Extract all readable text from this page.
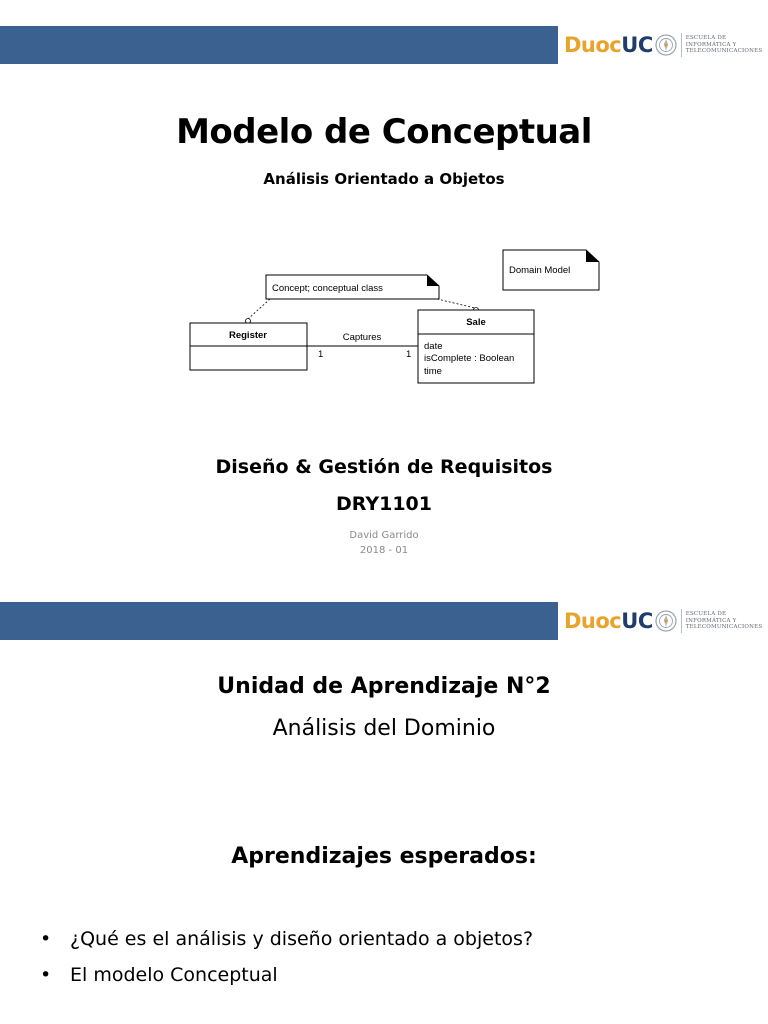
Duoc UC	ESCUELA DE
INFORMÁTICA Y
TELECOMUNICACIONES
Modelo de Conceptual
Análisis Orientado a Objetos
Domain Model
Concept; conceptual class
Register
Sale
date
isComplete : Boolean
time
Captures
1	1
Diseño & Gestión de Requisitos
DRY1101
David Garrido
2018 - 01
Duoc UC	ESCUELA DE
INFORMÁTICA Y
TELECOMUNICACIONES
Unidad de Aprendizaje N°2
Análisis del Dominio
Aprendizajes esperados:
• ¿Qué es el análisis y diseño orientado a objetos?
• El modelo Conceptual
